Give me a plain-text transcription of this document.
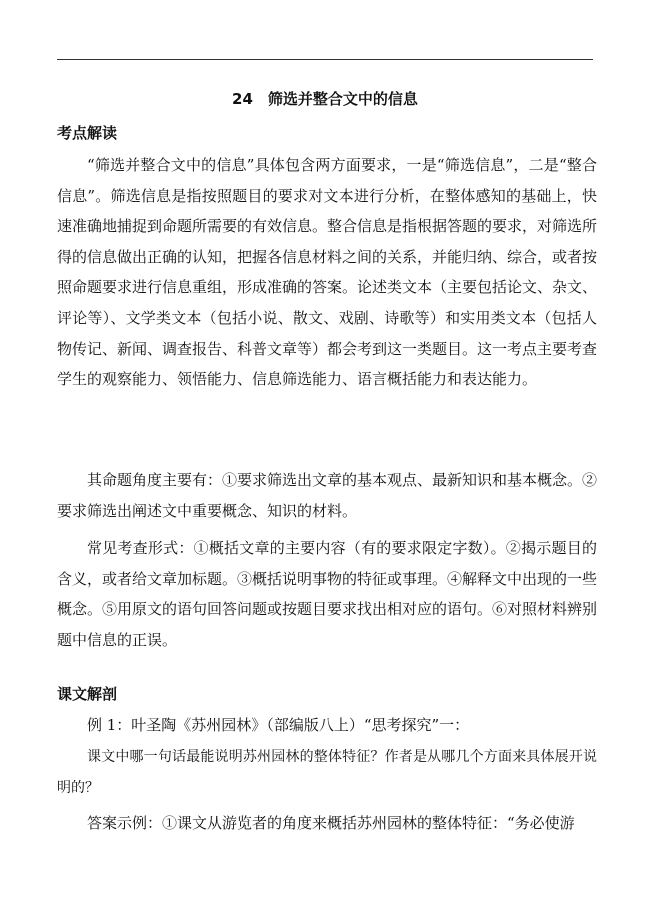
24　筛选并整合文中的信息
考点解读

“筛选并整合文中的信息”具体包含两方面要求，一是“筛选信息”，二是“整合信息”。筛选信息是指按照题目的要求对文本进行分析，在整体感知的基础上，快速准确地捕捉到命题所需要的有效信息。整合信息是指根据答题的要求，对筛选所得的信息做出正确的认知，把握各信息材料之间的关系，并能归纳、综合，或者按照命题要求进行信息重组，形成准确的答案。论述类文本（主要包括论文、杂文、评论等）、文学类文本（包括小说、散文、戏剧、诗歌等）和实用类文本（包括人物传记、新闻、调查报告、科普文章等）都会考到这一类题目。这一考点主要考查学生的观察能力、领悟能力、信息筛选能力、语言概括能力和表达能力。

其命题角度主要有：①要求筛选出文章的基本观点、最新知识和基本概念。②要求筛选出阐述文中重要概念、知识的材料。

常见考查形式：①概括文章的主要内容（有的要求限定字数）。②揭示题目的含义，或者给文章加标题。③概括说明事物的特征或事理。④解释文中出现的一些概念。⑤用原文的语句回答问题或按题目要求找出相对应的语句。⑥对照材料辨别题中信息的正误。

课文解剖

例 1：叶圣陶《苏州园林》（部编版八上）“思考探究”一：

课文中哪一句话最能说明苏州园林的整体特征？作者是从哪几个方面来具体展开说明的？

答案示例：①课文从游览者的角度来概括苏州园林的整体特征：“务必使游
